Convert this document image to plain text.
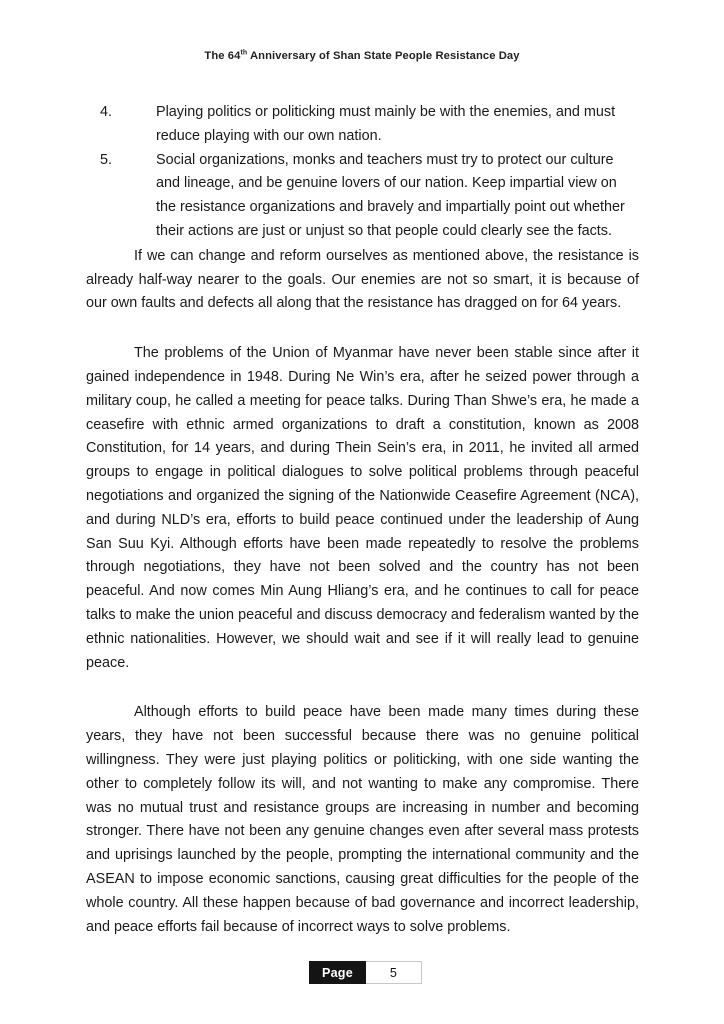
The 64th Anniversary of Shan State People Resistance Day
4.	Playing politics or politicking must mainly be with the enemies, and must reduce playing with our own nation.
5.	Social organizations, monks and teachers must try to protect our culture and lineage, and be genuine lovers of our nation. Keep impartial view on the resistance organizations and bravely and impartially point out whether their actions are just or unjust so that people could clearly see the facts.

If we can change and reform ourselves as mentioned above, the resistance is already half-way nearer to the goals. Our enemies are not so smart, it is because of our own faults and defects all along that the resistance has dragged on for 64 years.

The problems of the Union of Myanmar have never been stable since after it gained independence in 1948. During Ne Win’s era, after he seized power through a military coup, he called a meeting for peace talks. During Than Shwe’s era, he made a ceasefire with ethnic armed organizations to draft a constitution, known as 2008 Constitution, for 14 years, and during Thein Sein’s era, in 2011, he invited all armed groups to engage in political dialogues to solve political problems through peaceful negotiations and organized the signing of the Nationwide Ceasefire Agreement (NCA), and during NLD’s era, efforts to build peace continued under the leadership of Aung San Suu Kyi. Although efforts have been made repeatedly to resolve the problems through negotiations, they have not been solved and the country has not been peaceful. And now comes Min Aung Hliang’s era, and he continues to call for peace talks to make the union peaceful and discuss democracy and federalism wanted by the ethnic nationalities. However, we should wait and see if it will really lead to genuine peace.

Although efforts to build peace have been made many times during these years, they have not been successful because there was no genuine political willingness. They were just playing politics or politicking, with one side wanting the other to completely follow its will, and not wanting to make any compromise. There was no mutual trust and resistance groups are increasing in number and becoming stronger. There have not been any genuine changes even after several mass protests and uprisings launched by the people, prompting the international community and the ASEAN to impose economic sanctions, causing great difficulties for the people of the whole country. All these happen because of bad governance and incorrect leadership, and peace efforts fail because of incorrect ways to solve problems.

Page	5
